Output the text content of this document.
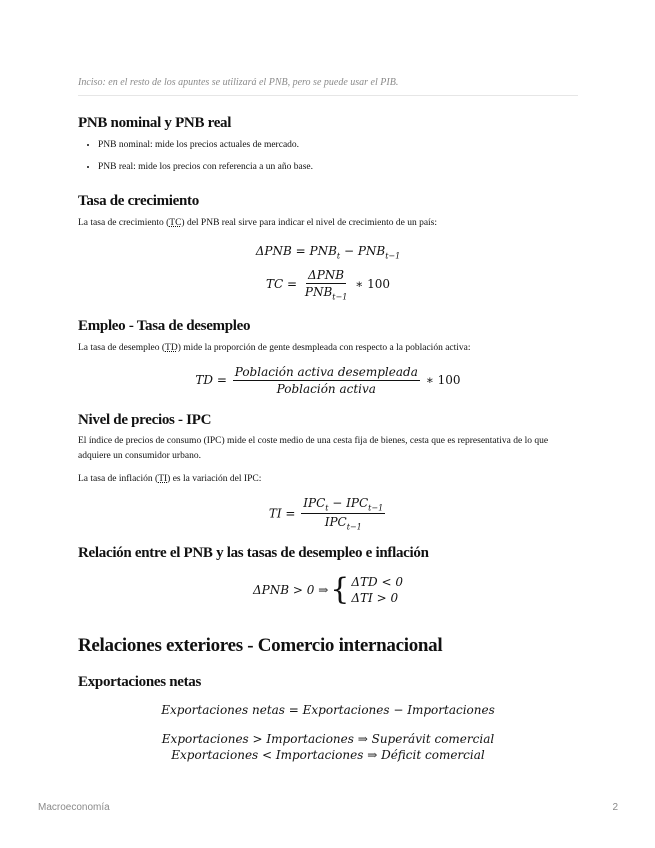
Inciso: en el resto de los apuntes se utilizará el PNB, pero se puede usar el PIB.
PNB nominal y PNB real
• PNB nominal: mide los precios actuales de mercado.
• PNB real: mide los precios con referencia a un año base.
Tasa de crecimiento

La tasa de crecimiento (TC) del PNB real sirve para indicar el nivel de crecimiento de un país:

$\Delta PNB = PNB_t - PNB_{t-1}$
TC = $\frac{\text{ΔPNB}}{PNB_{t-1}}$ ∗ 100
Empleo - Tasa de desempleo

La tasa de desempleo (TD) mide la proporción de gente desmpleada con respecto a la población activa:

TD = $\frac{\text{Población activa desempleada}}{\text{Población activa}}$ ∗ 100
Nivel de precios - IPC

El índice de precios de consumo (IPC) mide el coste medio de una cesta fija de bienes, cesta que es representativa de lo que adquiere un consumidor urbano.

La tasa de inflación (TI) es la variación del IPC:

TI = $\frac{IPC_t - IPC_{t-1}}{IPC_{t-1}}$
Relación entre el PNB y las tasas de desempleo e inflación
ΔPNB > 0 ⇒ { ΔTD < 0
ΔTI > 0
Relaciones exteriores - Comercio internacional
Exportaciones netas
Exportaciones netas = Exportaciones − Importaciones
Exportaciones > Importaciones ⇒ Superávit comercial
Exportaciones < Importaciones ⇒ Déficit comercial
Macroeconomía	2
